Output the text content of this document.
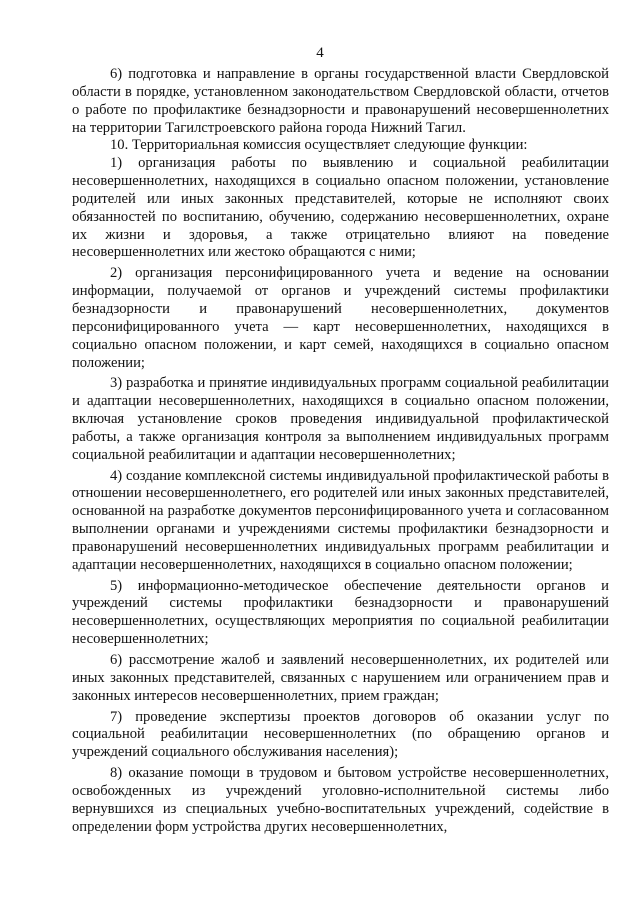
4

6) подготовка и направление в органы государственной власти Свердловской области в порядке, установленном законодательством Свердловской области, отчетов о работе по профилактике безнадзорности и правонарушений несовершеннолетних на территории Тагилстроевского района города Нижний Тагил.

10. Территориальная комиссия осуществляет следующие функции:

1) организация работы по выявлению и социальной реабилитации несовершеннолетних, находящихся в социально опасном положении, установление родителей или иных законных представителей, которые не исполняют своих обязанностей по воспитанию, обучению, содержанию несовершеннолетних, охране их жизни и здоровья, а также отрицательно влияют на поведение несовершеннолетних или жестоко обращаются с ними;

2) организация персонифицированного учета и ведение на основании информации, получаемой от органов и учреждений системы профилактики безнадзорности и правонарушений несовершеннолетних, документов персонифицированного учета — карт несовершеннолетних, находящихся в социально опасном положении, и карт семей, находящихся в социально опасном положении;

3) разработка и принятие индивидуальных программ социальной реабилитации и адаптации несовершеннолетних, находящихся в социально опасном положении, включая установление сроков проведения индивидуальной профилактической работы, а также организация контроля за выполнением индивидуальных программ социальной реабилитации и адаптации несовершеннолетних;

4) создание комплексной системы индивидуальной профилактической работы в отношении несовершеннолетнего, его родителей или иных законных представителей, основанной на разработке документов персонифицированного учета и согласованном выполнении органами и учреждениями системы профилактики безнадзорности и правонарушений несовершеннолетних индивидуальных программ реабилитации и адаптации несовершеннолетних, находящихся в социально опасном положении;

5) информационно-методическое обеспечение деятельности органов и учреждений системы профилактики безнадзорности и правонарушений несовершеннолетних, осуществляющих мероприятия по социальной реабилитации несовершеннолетних;

6) рассмотрение жалоб и заявлений несовершеннолетних, их родителей или иных законных представителей, связанных с нарушением или ограничением прав и законных интересов несовершеннолетних, прием граждан;

7) проведение экспертизы проектов договоров об оказании услуг по социальной реабилитации несовершеннолетних (по обращению органов и учреждений социального обслуживания населения);

8) оказание помощи в трудовом и бытовом устройстве несовершеннолетних, освобожденных из учреждений уголовно-исполнительной системы либо вернувшихся из специальных учебно-воспитательных учреждений, содействие в определении форм устройства других несовершеннолетних,
